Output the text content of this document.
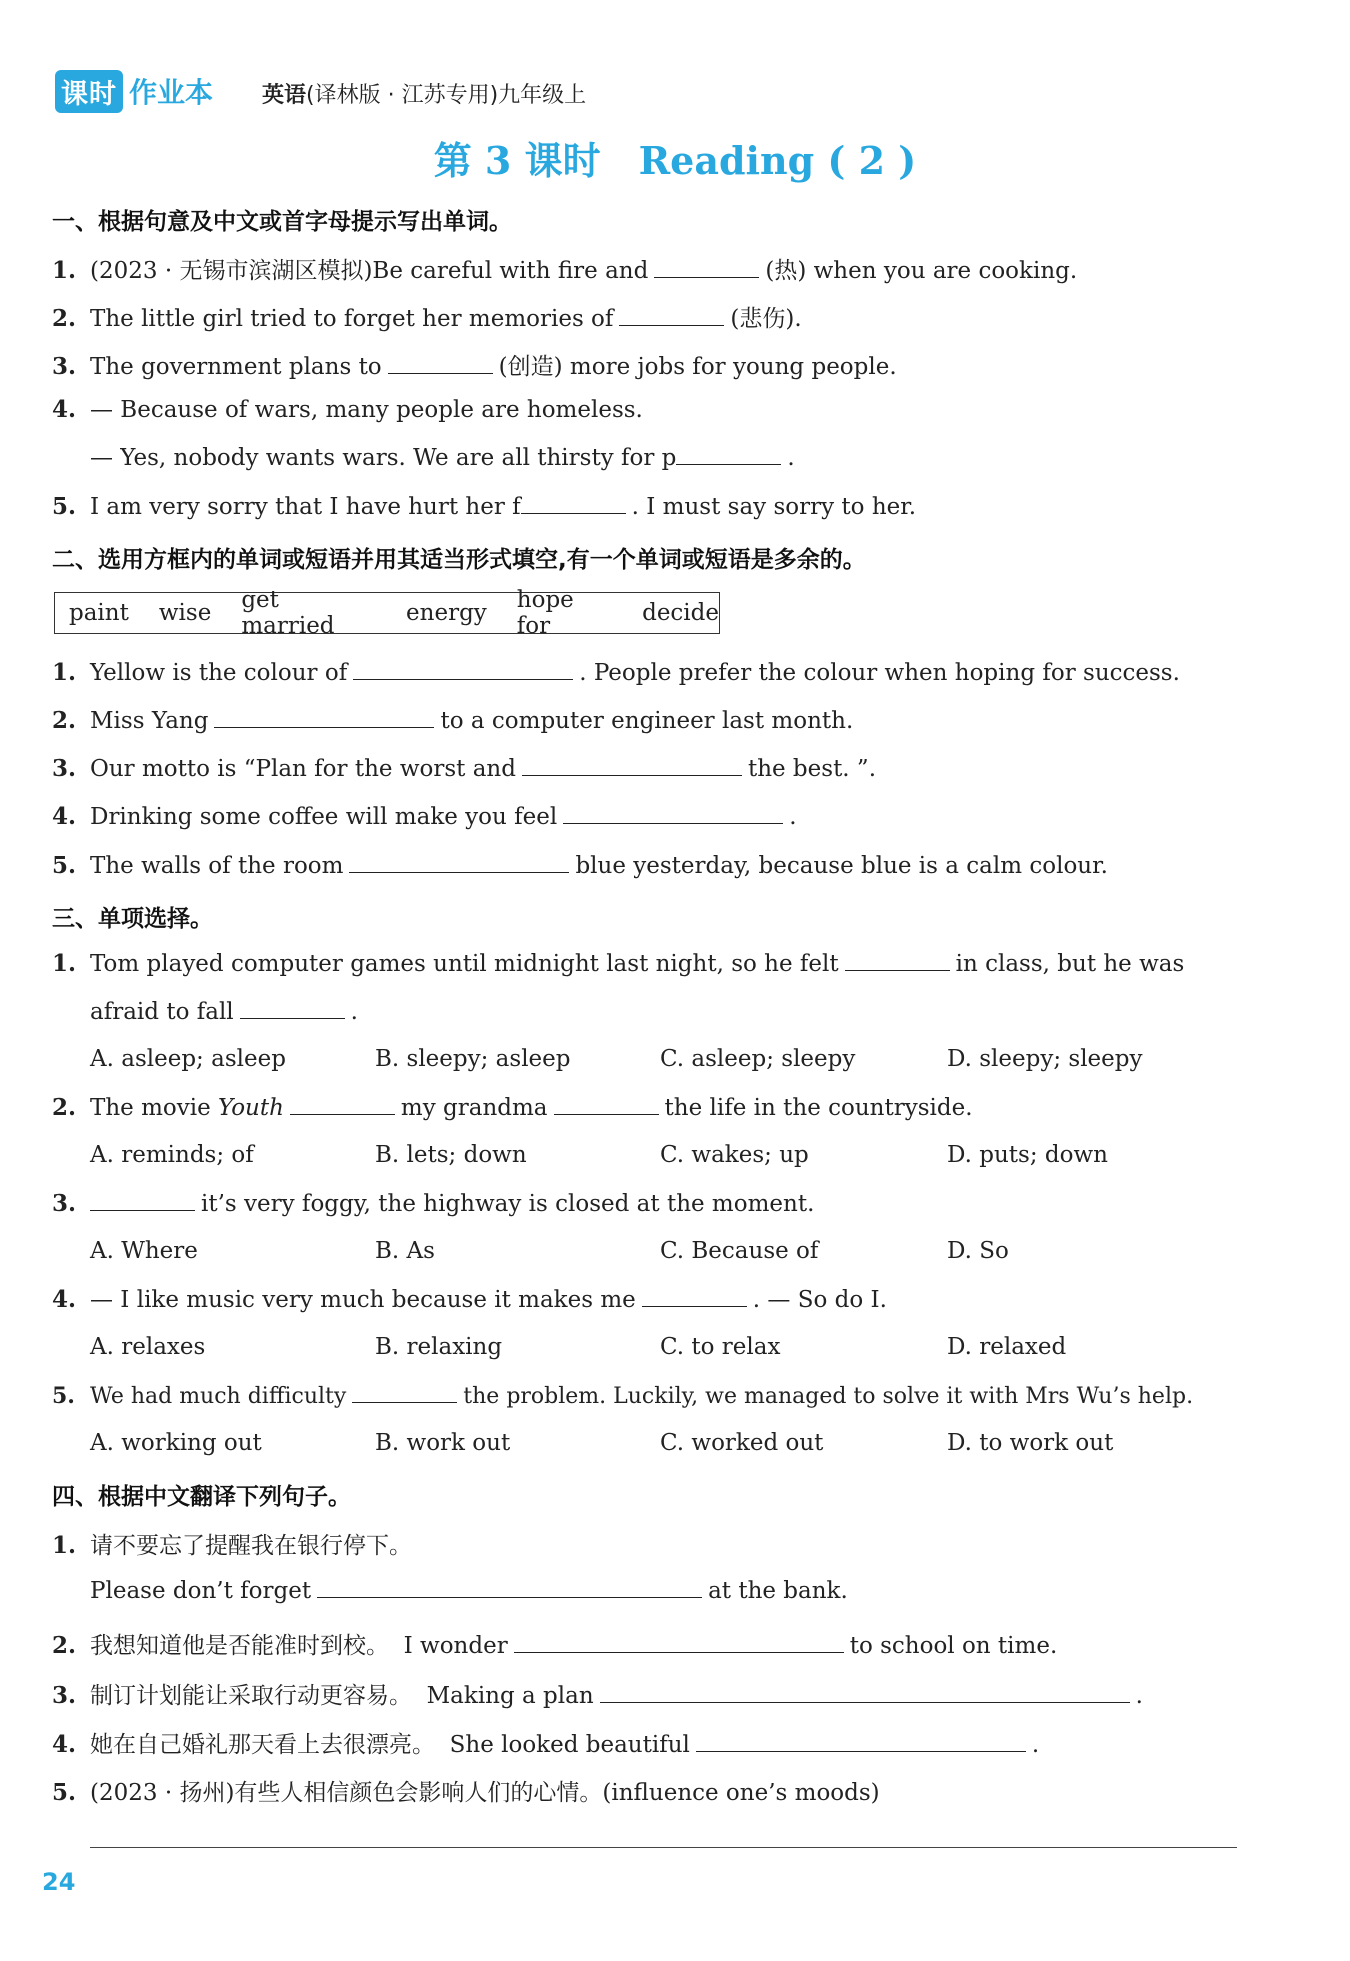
课时 作业本 英语(译林版 · 江苏专用)九年级上
第 3 课时　Reading ( 2 )
一、根据句意及中文或首字母提示写出单词。
1. (2023 · 无锡市滨湖区模拟)Be careful with fire and	(热) when you are cooking.
2. The little girl tried to forget her memories of	(悲伤).
3. The government plans to	(创造) more jobs for young people.
4. — Because of wars, many people are homeless.
— Yes, nobody wants wars. We are all thirsty for p	.
5. I am very sorry that I have hurt her f	. I must say sorry to her.
二、选用方框内的单词或短语并用其适当形式填空,有一个单词或短语是多余的。
paint wise get married	energy hope for	decide
1. Yellow is the colour of	. People prefer the colour when hoping for success.
2. Miss Yang	to a computer engineer last month.
3. Our motto is “Plan for the worst and	the best. ”.
4. Drinking some coffee will make you feel	.
5. The walls of the room	blue yesterday, because blue is a calm colour.
三、单项选择。
1. Tom played computer games until midnight last night, so he felt	in class, but he was
afraid to fall	.
A. asleep; asleep	B. sleepy; asleep	C. asleep; sleepy	D. sleepy; sleepy
2. The movie Youth	my grandma	the life in the countryside.
A. reminds; of	B. lets; down	C. wakes; up	D. puts; down
3.	it’s very foggy, the highway is closed at the moment.
A. Where	B. As	C. Because of	D. So
4. — I like music very much because it makes me	. — So do I.
A. relaxes	B. relaxing	C. to relax	D. relaxed
5. We had much difficulty	the problem. Luckily, we managed to solve it with Mrs Wu’s help.
A. working out	B. work out	C. worked out	D. to work out
四、根据中文翻译下列句子。
1. 请不要忘了提醒我在银行停下。
Please don’t forget	at the bank.
2. 我想知道他是否能准时到校。 I wonder	to school on time.
3. 制订计划能让采取行动更容易。 Making a plan	.
4. 她在自己婚礼那天看上去很漂亮。 She looked beautiful	.
5. (2023 · 扬州)有些人相信颜色会影响人们的心情。(influence one’s moods)
24
